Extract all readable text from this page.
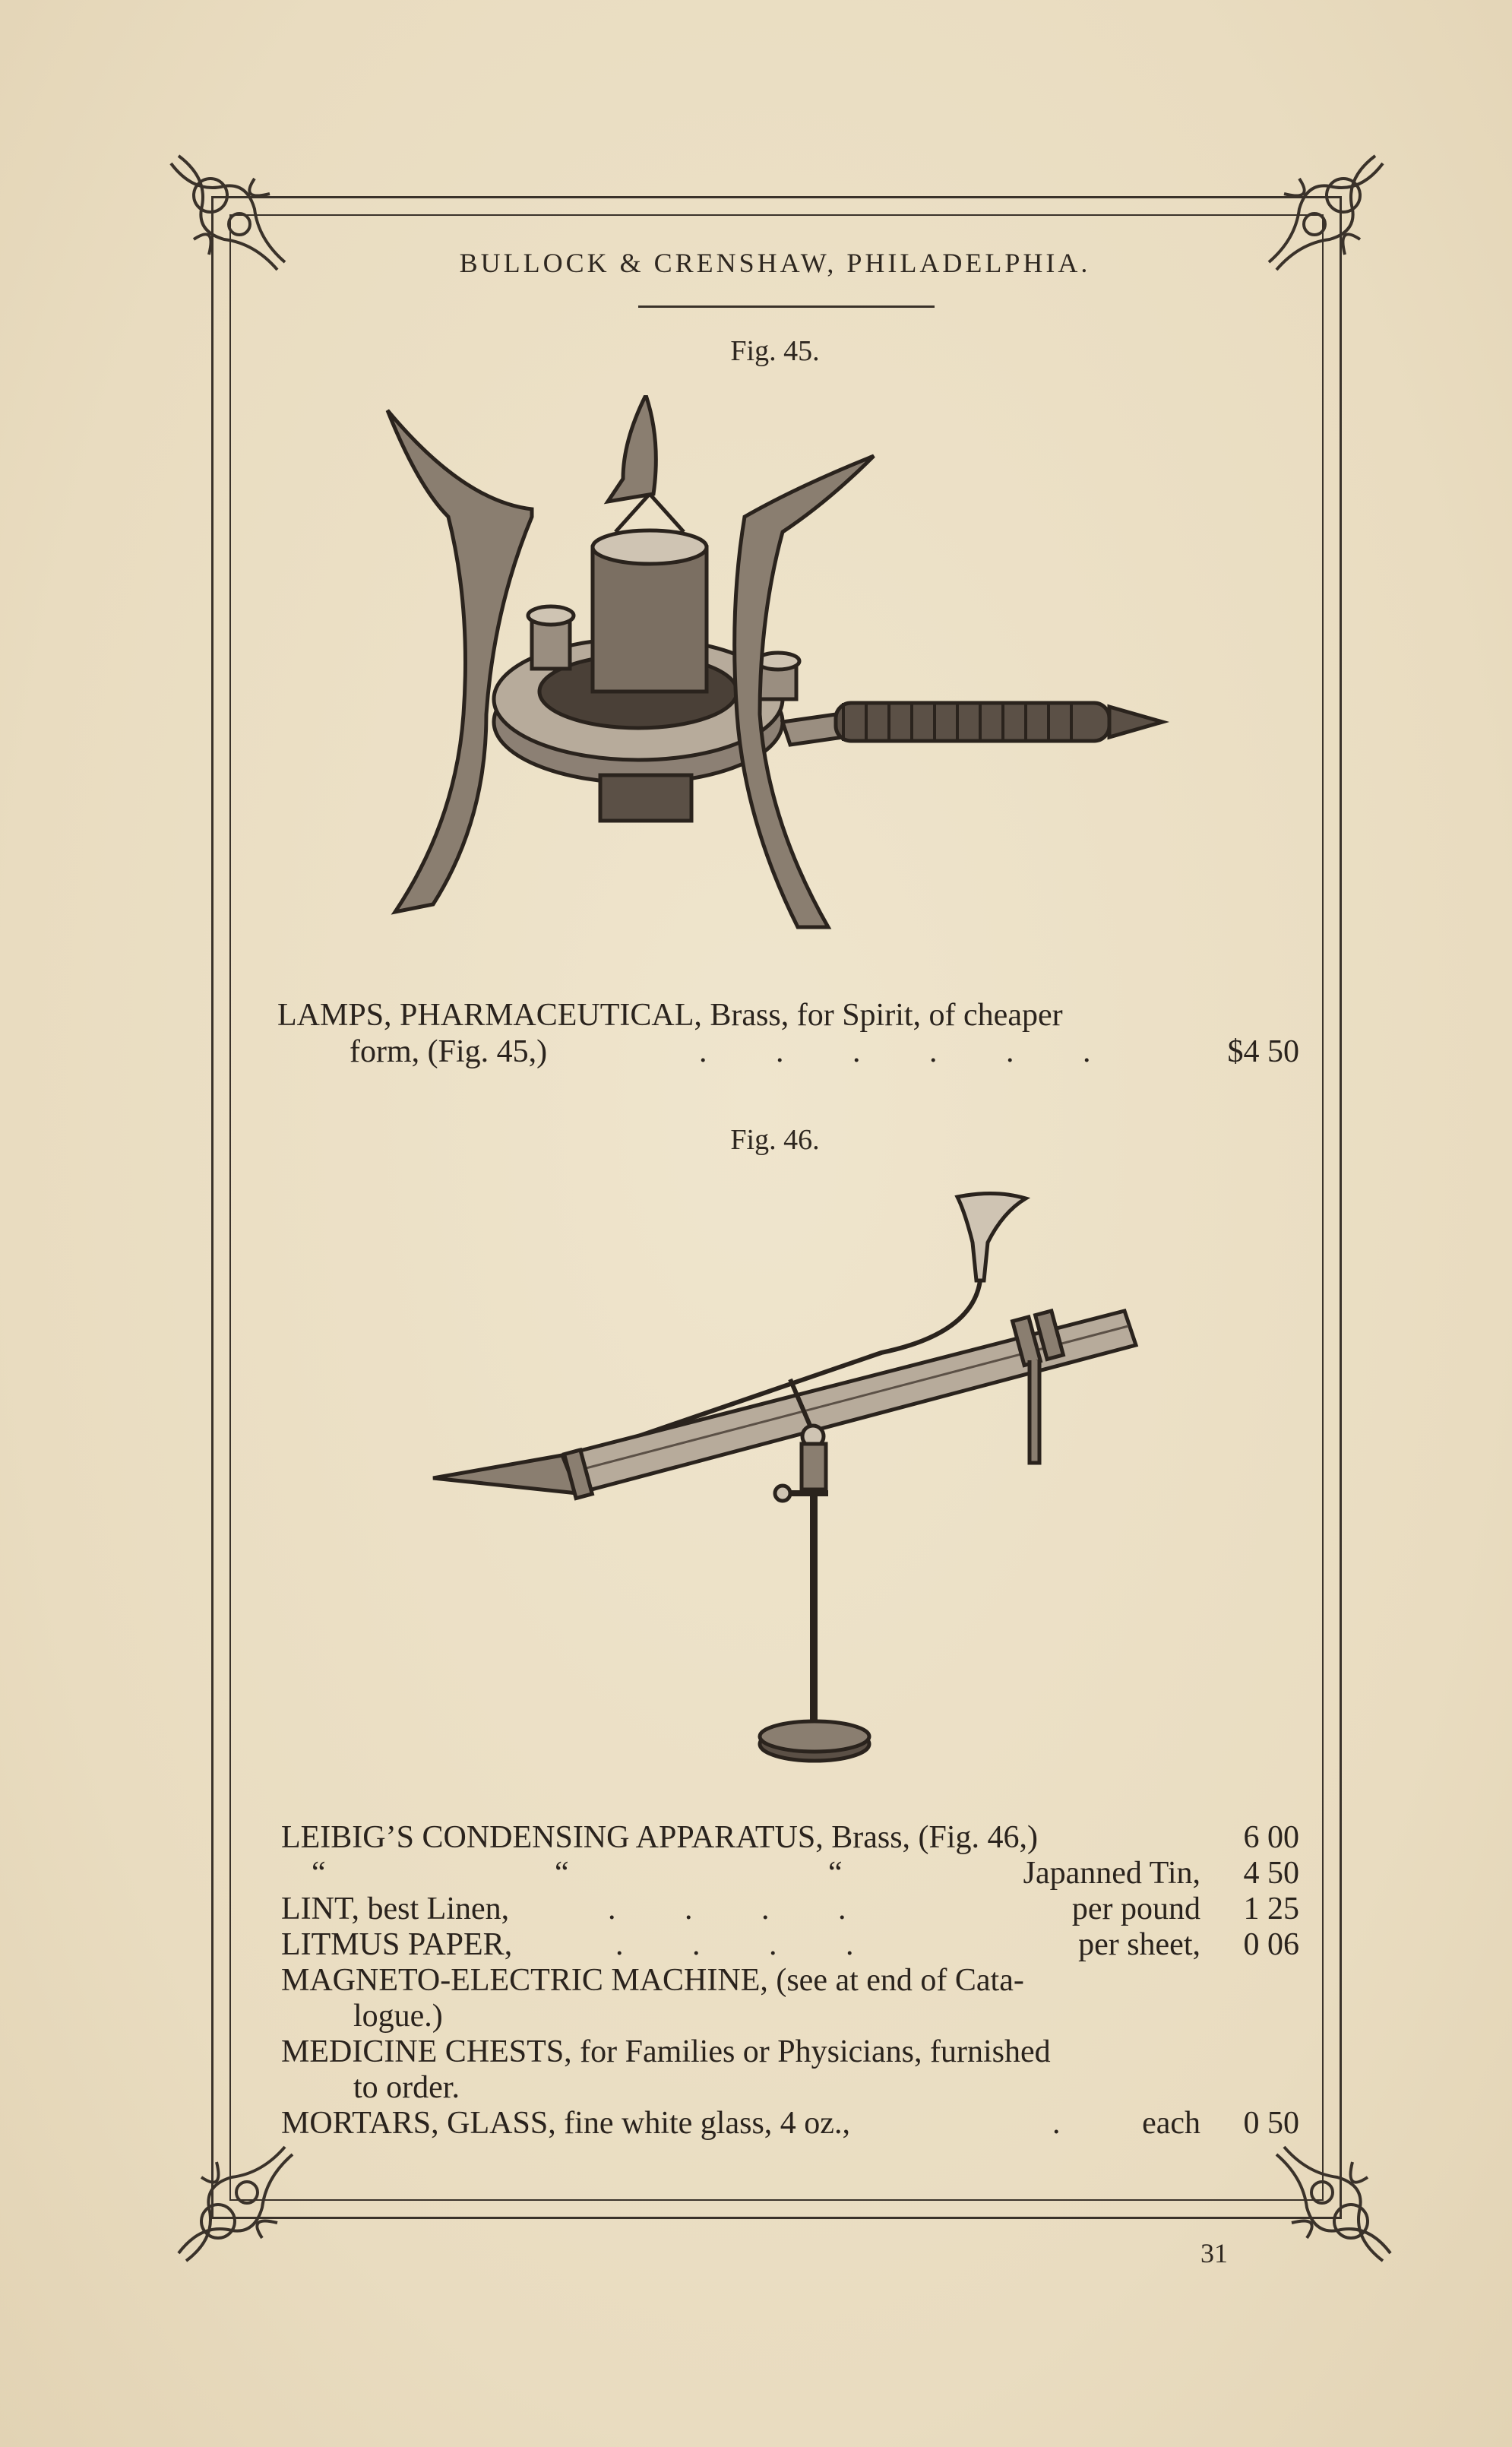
BULLOCK & CRENSHAW, PHILADELPHIA.
Fig. 45.
LAMPS, PHARMACEUTICAL, Brass, for Spirit, of cheaper
form, (Fig. 45,)	. . . . . .	$4 50
Fig. 46.
LEIBIG’S CONDENSING APPARATUS, Brass, (Fig. 46,)	6 00
“	“	“	Japanned Tin,	4 50
LINT, best Linen,	. . . .	per pound	1 25
LITMUS PAPER,	. . . .	per sheet,	0 06
MAGNETO-ELECTRIC MACHINE, (see at end of Cata-
logue.)
MEDICINE CHESTS, for Families or Physicians, furnished
to order.
MORTARS, GLASS, fine white glass, 4 oz.,	.	each	0 50
31
